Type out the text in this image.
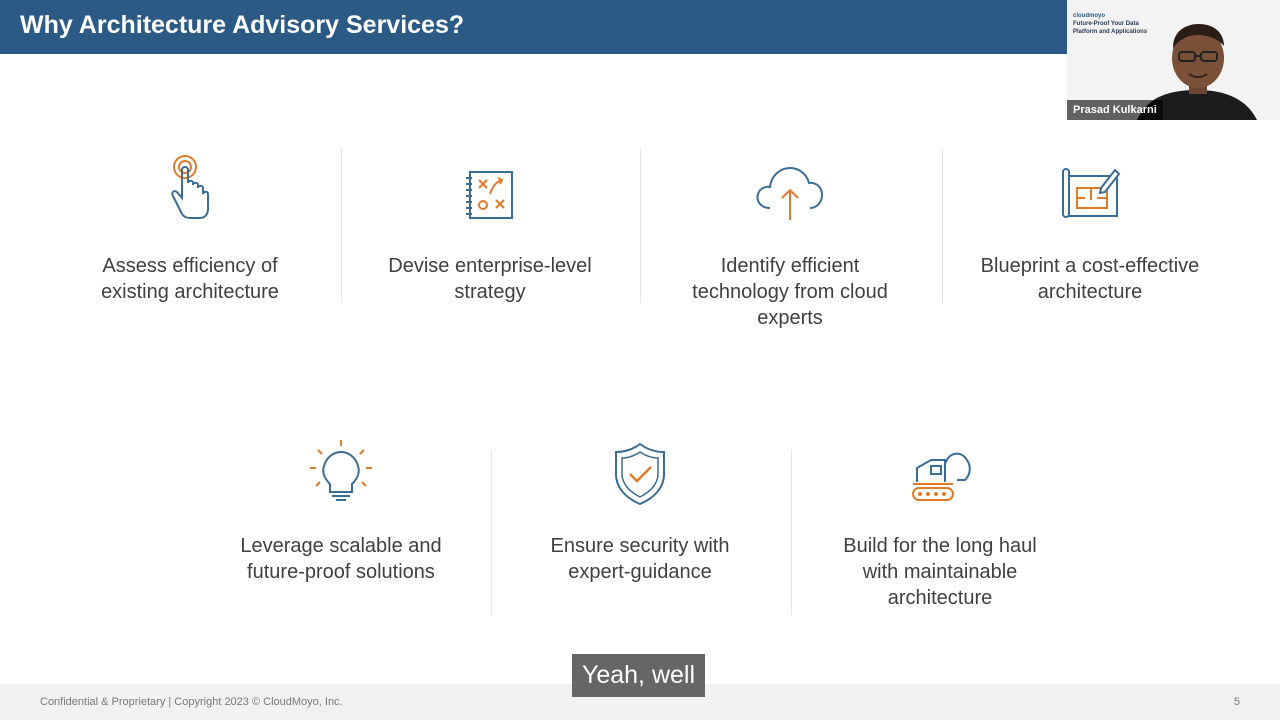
Why Architecture Advisory Services?	cloudmoyo
Future-Proof Your Data Platform and Applications
Prasad Kulkarni
Assess efficiency of existing architecture
Devise enterprise-level strategy
Identify efficient technology from cloud experts
Blueprint a cost-effective architecture
Leverage scalable and future-proof solutions
Ensure security with expert-guidance
Build for the long haul with maintainable architecture
Confidential & Proprietary | Copyright 2023 © CloudMoyo, Inc.	5
Yeah, well
